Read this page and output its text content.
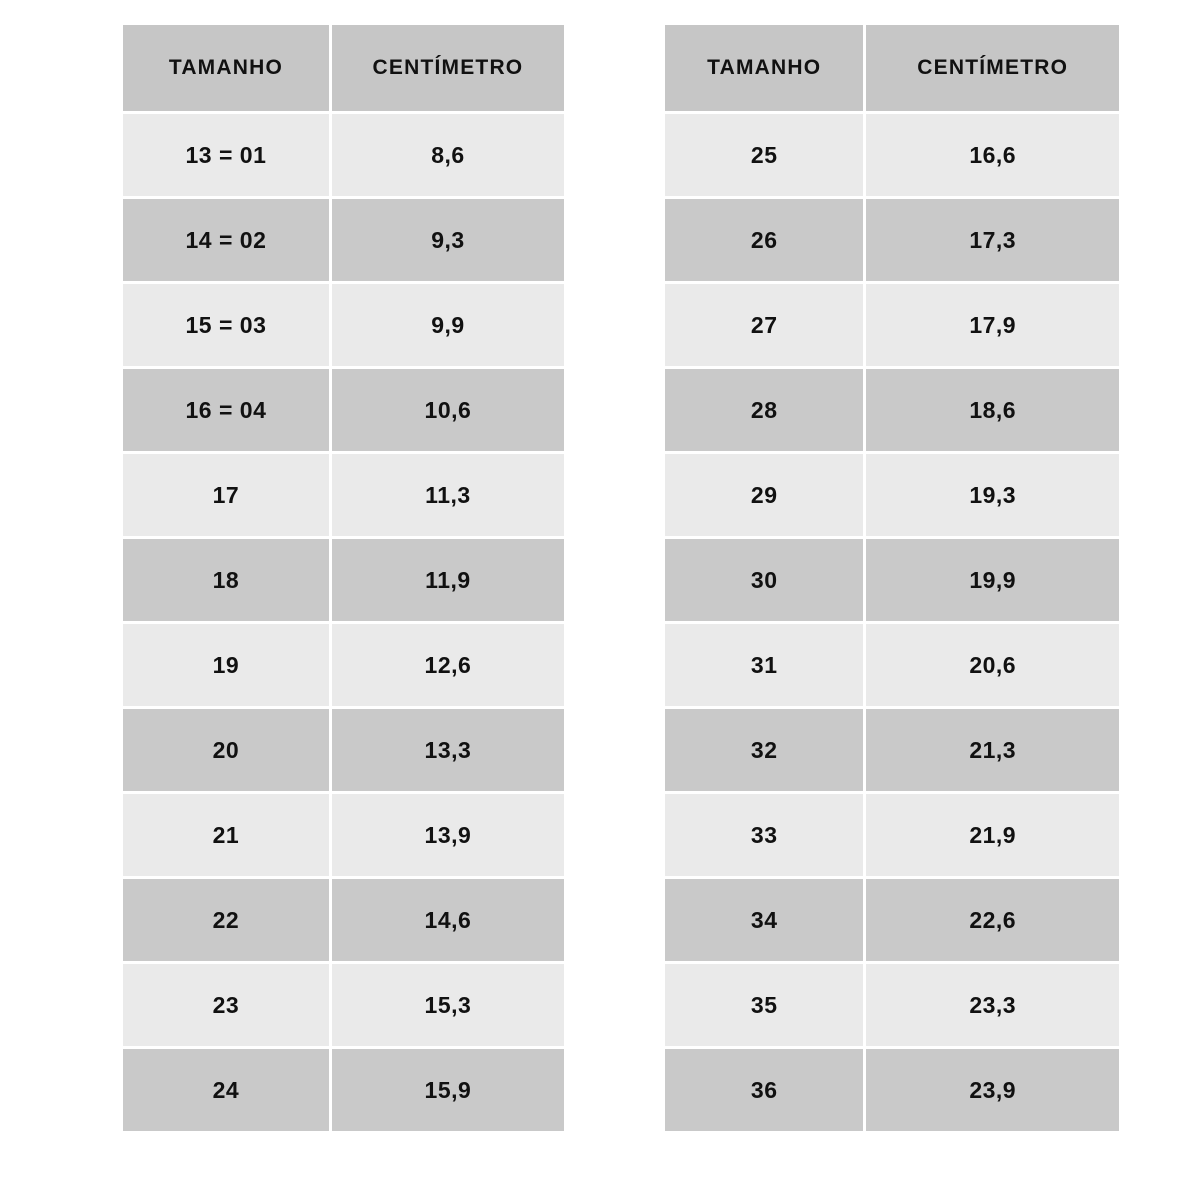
TAMANHO	CENTÍMETRO
13 = 01	8,6
14 = 02	9,3
15 = 03	9,9
16 = 04	10,6
17	11,3
18	11,9
19	12,6
20	13,3
21	13,9
22	14,6
23	15,3
24	15,9
TAMANHO	CENTÍMETRO
25	16,6
26	17,3
27	17,9
28	18,6
29	19,3
30	19,9
31	20,6
32	21,3
33	21,9
34	22,6
35	23,3
36	23,9
